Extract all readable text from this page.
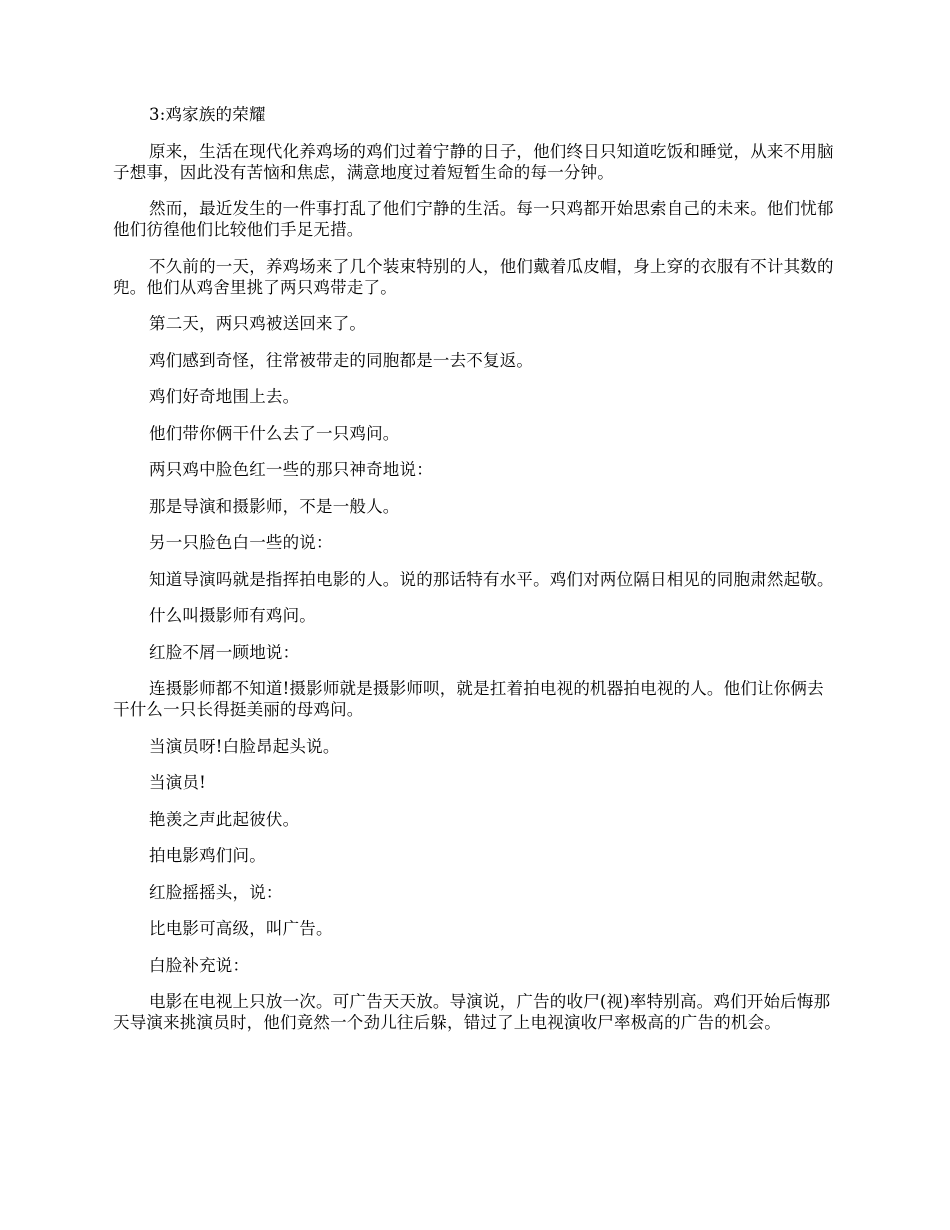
3:鸡家族的荣耀

原来，生活在现代化养鸡场的鸡们过着宁静的日子，他们终日只知道吃饭和睡觉，从来不用脑子想事，因此没有苦恼和焦虑，满意地度过着短暂生命的每一分钟。

然而，最近发生的一件事打乱了他们宁静的生活。每一只鸡都开始思索自己的未来。他们忧郁他们彷徨他们比较他们手足无措。

不久前的一天，养鸡场来了几个装束特别的人，他们戴着瓜皮帽，身上穿的衣服有不计其数的兜。他们从鸡舍里挑了两只鸡带走了。

第二天，两只鸡被送回来了。

鸡们感到奇怪，往常被带走的同胞都是一去不复返。

鸡们好奇地围上去。

他们带你俩干什么去了一只鸡问。

两只鸡中脸色红一些的那只神奇地说：

那是导演和摄影师，不是一般人。

另一只脸色白一些的说：

知道导演吗就是指挥拍电影的人。说的那话特有水平。鸡们对两位隔日相见的同胞肃然起敬。

什么叫摄影师有鸡问。

红脸不屑一顾地说：

连摄影师都不知道!摄影师就是摄影师呗，就是扛着拍电视的机器拍电视的人。他们让你俩去干什么一只长得挺美丽的母鸡问。

当演员呀!白脸昂起头说。

当演员!

艳羡之声此起彼伏。

拍电影鸡们问。

红脸摇摇头，说：

比电影可高级，叫广告。

白脸补充说：

电影在电视上只放一次。可广告天天放。导演说，广告的收尸(视)率特别高。鸡们开始后悔那天导演来挑演员时，他们竟然一个劲儿往后躲，错过了上电视演收尸率极高的广告的机会。
